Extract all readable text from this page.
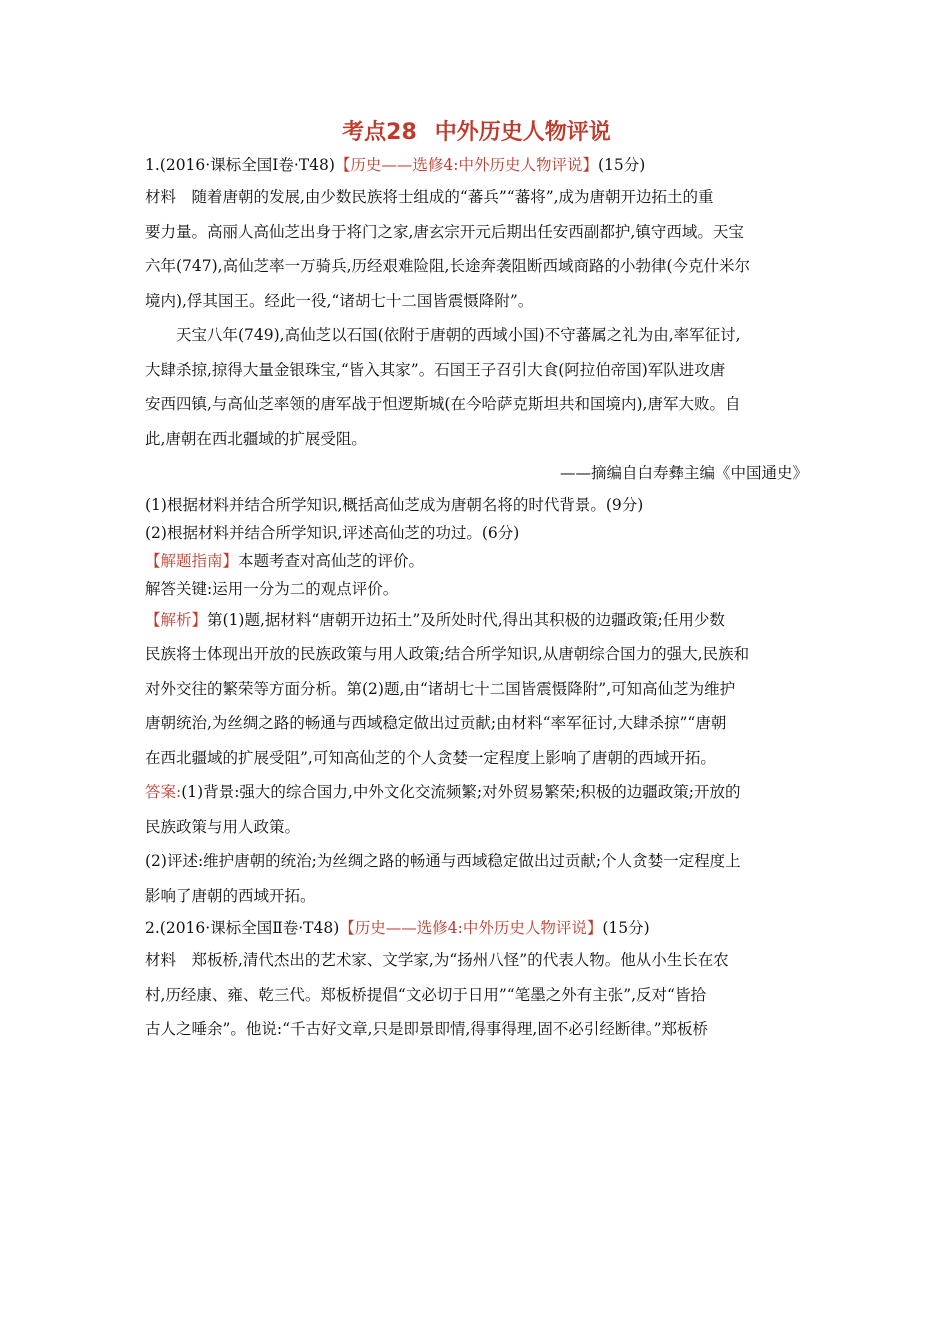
考点28 中外历史人物评说
1.(2016·课标全国Ⅰ卷·T48)【历史——选修4:中外历史人物评说】(15分)
材料　随着唐朝的发展,由少数民族将士组成的“蕃兵”“蕃将”,成为唐朝开边拓土的重
要力量。高丽人高仙芝出身于将门之家,唐玄宗开元后期出任安西副都护,镇守西域。天宝
六年(747),高仙芝率一万骑兵,历经艰难险阻,长途奔袭阻断西域商路的小勃律(今克什米尔
境内),俘其国王。经此一役,“诸胡七十二国皆震慑降附”。
天宝八年(749),高仙芝以石国(依附于唐朝的西域小国)不守蕃属之礼为由,率军征讨,
大肆杀掠,掠得大量金银珠宝,“皆入其家”。石国王子召引大食(阿拉伯帝国)军队进攻唐
安西四镇,与高仙芝率领的唐军战于怛逻斯城(在今哈萨克斯坦共和国境内),唐军大败。自
此,唐朝在西北疆域的扩展受阻。
——摘编自白寿彝主编《中国通史》
(1)根据材料并结合所学知识,概括高仙芝成为唐朝名将的时代背景。(9分)
(2)根据材料并结合所学知识,评述高仙芝的功过。(6分)
【解题指南】本题考查对高仙芝的评价。
解答关键:运用一分为二的观点评价。
【解析】第(1)题,据材料“唐朝开边拓土”及所处时代,得出其积极的边疆政策;任用少数
民族将士体现出开放的民族政策与用人政策;结合所学知识,从唐朝综合国力的强大,民族和
对外交往的繁荣等方面分析。第(2)题,由“诸胡七十二国皆震慑降附”,可知高仙芝为维护
唐朝统治,为丝绸之路的畅通与西域稳定做出过贡献;由材料“率军征讨,大肆杀掠”“唐朝
在西北疆域的扩展受阻”,可知高仙芝的个人贪婪一定程度上影响了唐朝的西域开拓。
答案:(1)背景:强大的综合国力,中外文化交流频繁;对外贸易繁荣;积极的边疆政策;开放的
民族政策与用人政策。
(2)评述:维护唐朝的统治;为丝绸之路的畅通与西域稳定做出过贡献;个人贪婪一定程度上
影响了唐朝的西域开拓。
2.(2016·课标全国Ⅱ卷·T48)【历史——选修4:中外历史人物评说】(15分)
材料　郑板桥,清代杰出的艺术家、文学家,为“扬州八怪”的代表人物。他从小生长在农
村,历经康、雍、乾三代。郑板桥提倡“文必切于日用”“笔墨之外有主张”,反对“皆拾
古人之唾余”。他说:“千古好文章,只是即景即情,得事得理,固不必引经断律。”郑板桥
